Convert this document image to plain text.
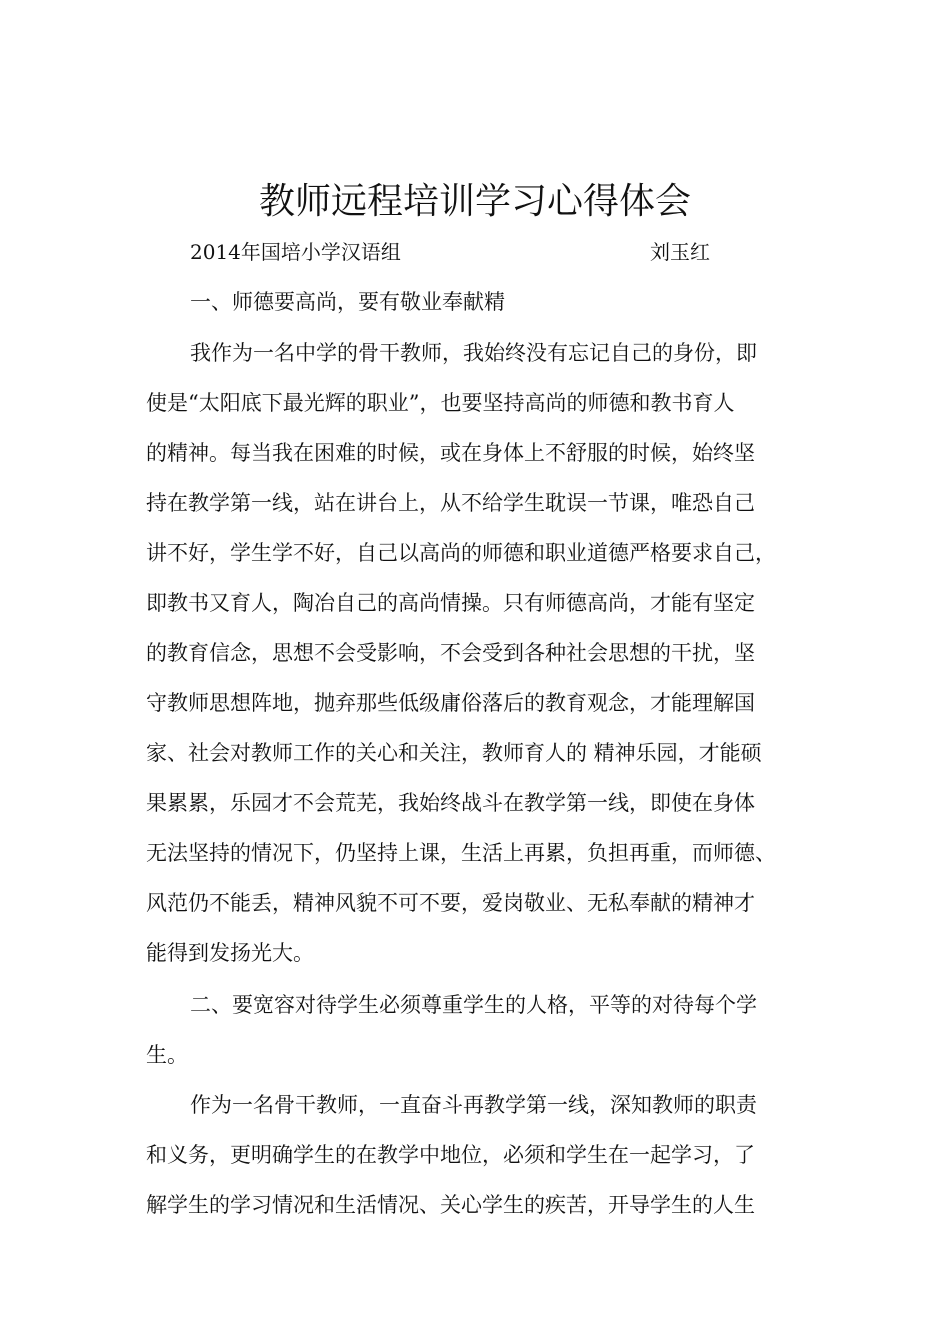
教师远程培训学习心得体会
2014年国培小学汉语组	刘玉红
一、师德要高尚，要有敬业奉献精
我作为一名中学的骨干教师，我始终没有忘记自己的身份，即
使是“太阳底下最光辉的职业”，也要坚持高尚的师德和教书育人
的精神。每当我在困难的时候，或在身体上不舒服的时候，始终坚
持在教学第一线，站在讲台上，从不给学生耽误一节课，唯恐自己
讲不好，学生学不好，自己以高尚的师德和职业道德严格要求自己，
即教书又育人，陶冶自己的高尚情操。只有师德高尚，才能有坚定
的教育信念，思想不会受影响，不会受到各种社会思想的干扰，坚
守教师思想阵地，抛弃那些低级庸俗落后的教育观念，才能理解国
家、社会对教师工作的关心和关注，教师育人的 精神乐园，才能硕
果累累，乐园才不会荒芜，我始终战斗在教学第一线，即使在身体
无法坚持的情况下，仍坚持上课，生活上再累，负担再重，而师德、
风范仍不能丢，精神风貌不可不要，爱岗敬业、无私奉献的精神才
能得到发扬光大。
二、要宽容对待学生必须尊重学生的人格，平等的对待每个学
生。
作为一名骨干教师，一直奋斗再教学第一线，深知教师的职责
和义务，更明确学生的在教学中地位，必须和学生在一起学习，了
解学生的学习情况和生活情况、关心学生的疾苦，开导学生的人生
